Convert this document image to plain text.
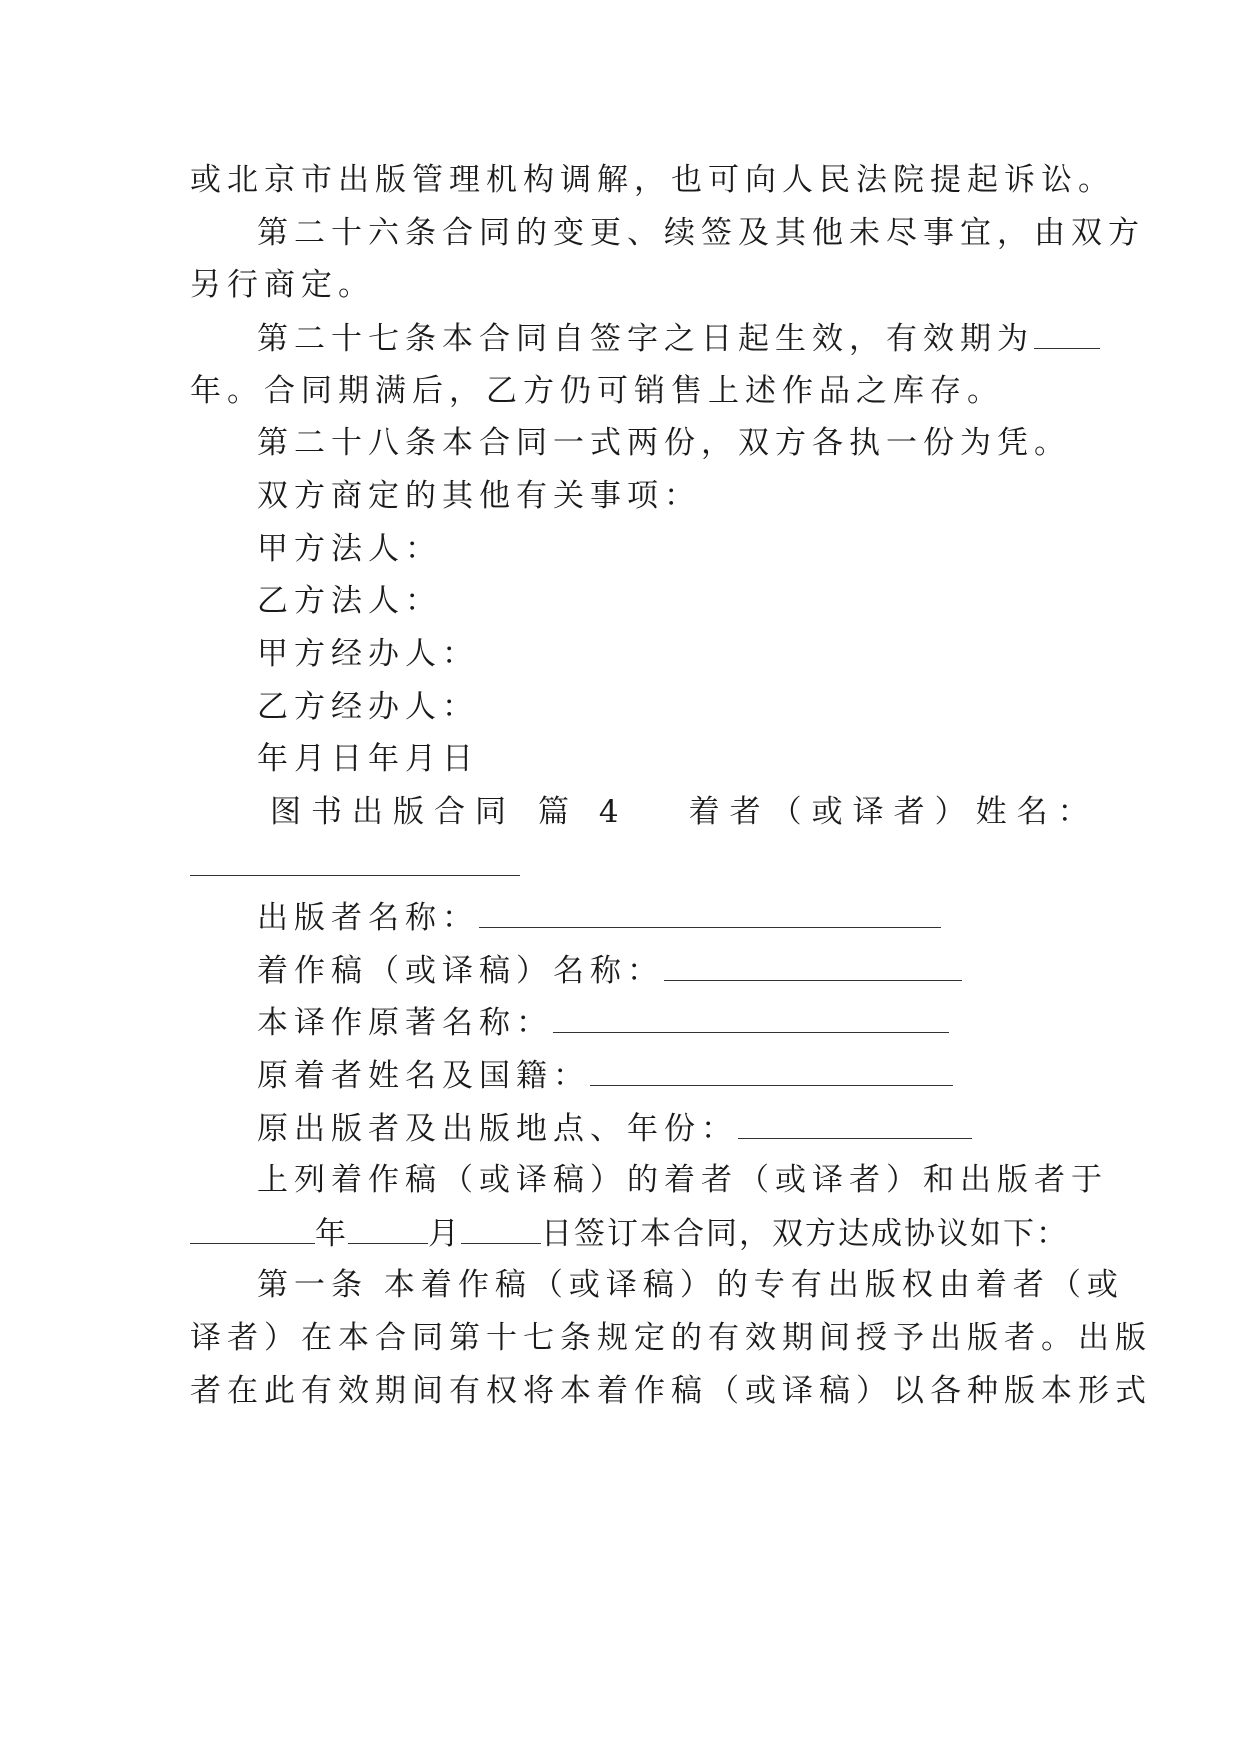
或北京市出版管理机构调解，也可向人民法院提起诉讼。
第二十六条合同的变更、续签及其他未尽事宜，由双方
另行商定。
第二十七条本合同自签字之日起生效，有效期为
年。合同期满后，乙方仍可销售上述作品之库存。
第二十八条本合同一式两份，双方各执一份为凭。
双方商定的其他有关事项：
甲方法人：
乙方法人：
甲方经办人：
乙方经办人：
年月日年月日
图书出版合同 篇 4 着者（或译者）姓名：
出版者名称：
着作稿（或译稿）名称：
本译作原著名称：
原着者姓名及国籍：
原出版者及出版地点、年份：
上列着作稿（或译稿）的着者（或译者）和出版者于
年	月	日签订本合同，双方达成协议如下：
第一条 本着作稿（或译稿）的专有出版权由着者（或
译者）在本合同第十七条规定的有效期间授予出版者。出版
者在此有效期间有权将本着作稿（或译稿）以各种版本形式
